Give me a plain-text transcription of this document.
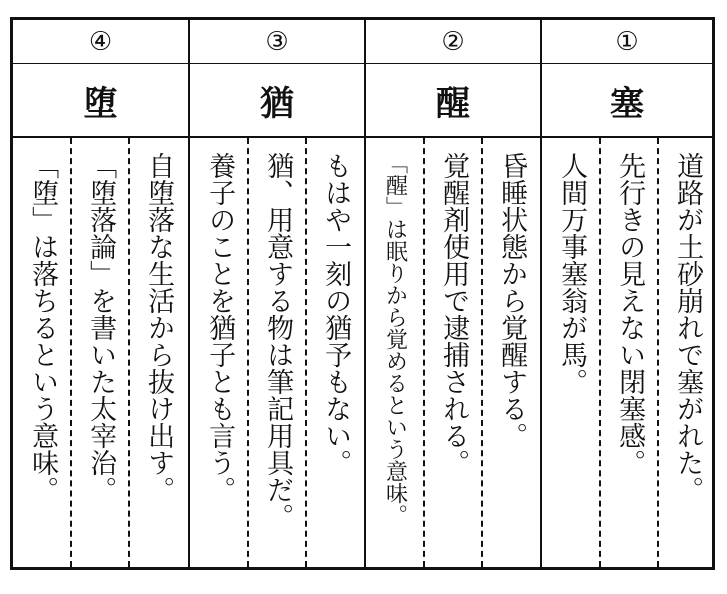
④
堕
「堕」は落ちるという意味。 「堕落論」を書いた太宰治。 自堕落な生活から抜け出す。
③
猶
養子のことを猶子とも言う。 猶、用意する物は筆記用具だ。 もはや一刻の猶予もない。
②
醒
「醒」は眠りから覚めるという意味。 覚醒剤使用で逮捕される。 昏睡状態から覚醒する。
①
塞
人間万事塞翁が馬。 先行きの見えない閉塞感。 道路が土砂崩れで塞がれた。
